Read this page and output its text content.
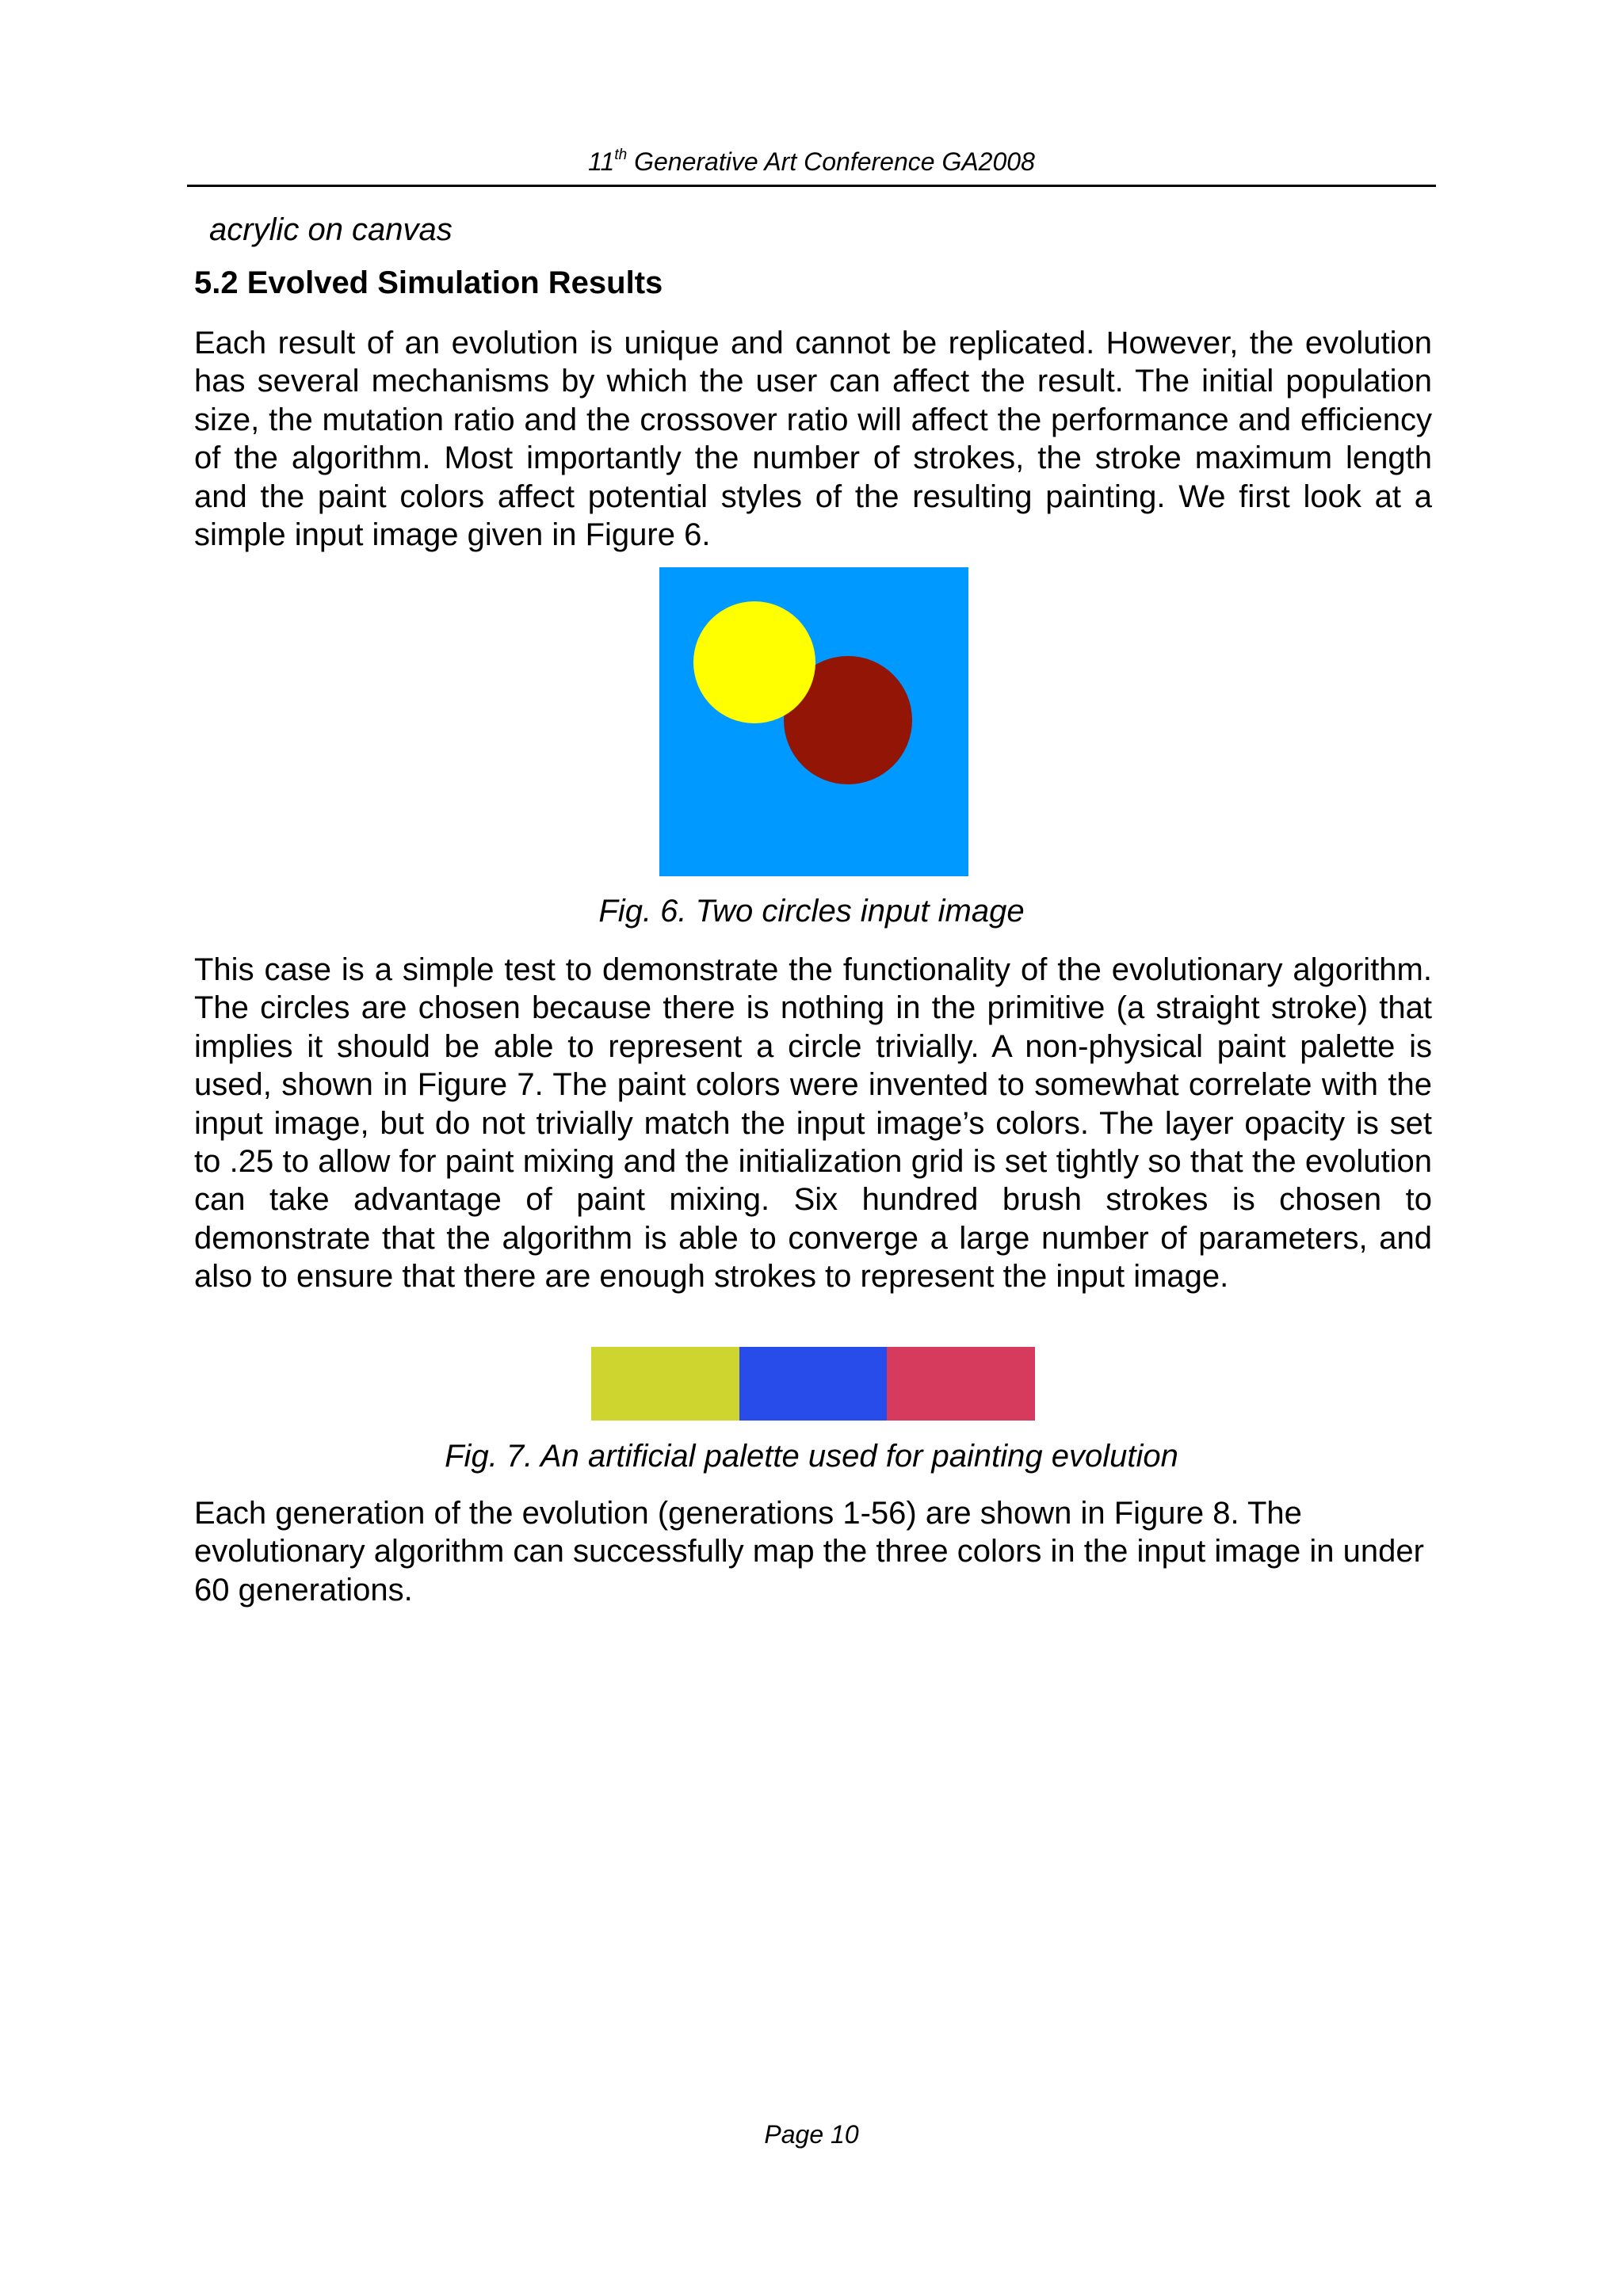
11th Generative Art Conference GA2008
acrylic on canvas
5.2 Evolved Simulation Results
Each result of an evolution is unique and cannot be replicated. However, the evolution has several mechanisms by which the user can affect the result. The initial population size, the mutation ratio and the crossover ratio will affect the performance and efficiency of the algorithm. Most importantly the number of strokes, the stroke maximum length and the paint colors affect potential styles of the resulting painting. We first look at a simple input image given in Figure 6.
Fig. 6. Two circles input image
This case is a simple test to demonstrate the functionality of the evolutionary algorithm. The circles are chosen because there is nothing in the primitive (a straight stroke) that implies it should be able to represent a circle trivially. A non-physical paint palette is used, shown in Figure 7. The paint colors were invented to somewhat correlate with the input image, but do not trivially match the input image’s colors. The layer opacity is set to .25 to allow for paint mixing and the initialization grid is set tightly so that the evolution can take advantage of paint mixing. Six hundred brush strokes is chosen to demonstrate that the algorithm is able to converge a large number of parameters, and also to ensure that there are enough strokes to represent the input image.
Fig. 7. An artificial palette used for painting evolution
Each generation of the evolution (generations 1-56) are shown in Figure 8. The evolutionary algorithm can successfully map the three colors in the input image in under 60 generations.
Page 10
